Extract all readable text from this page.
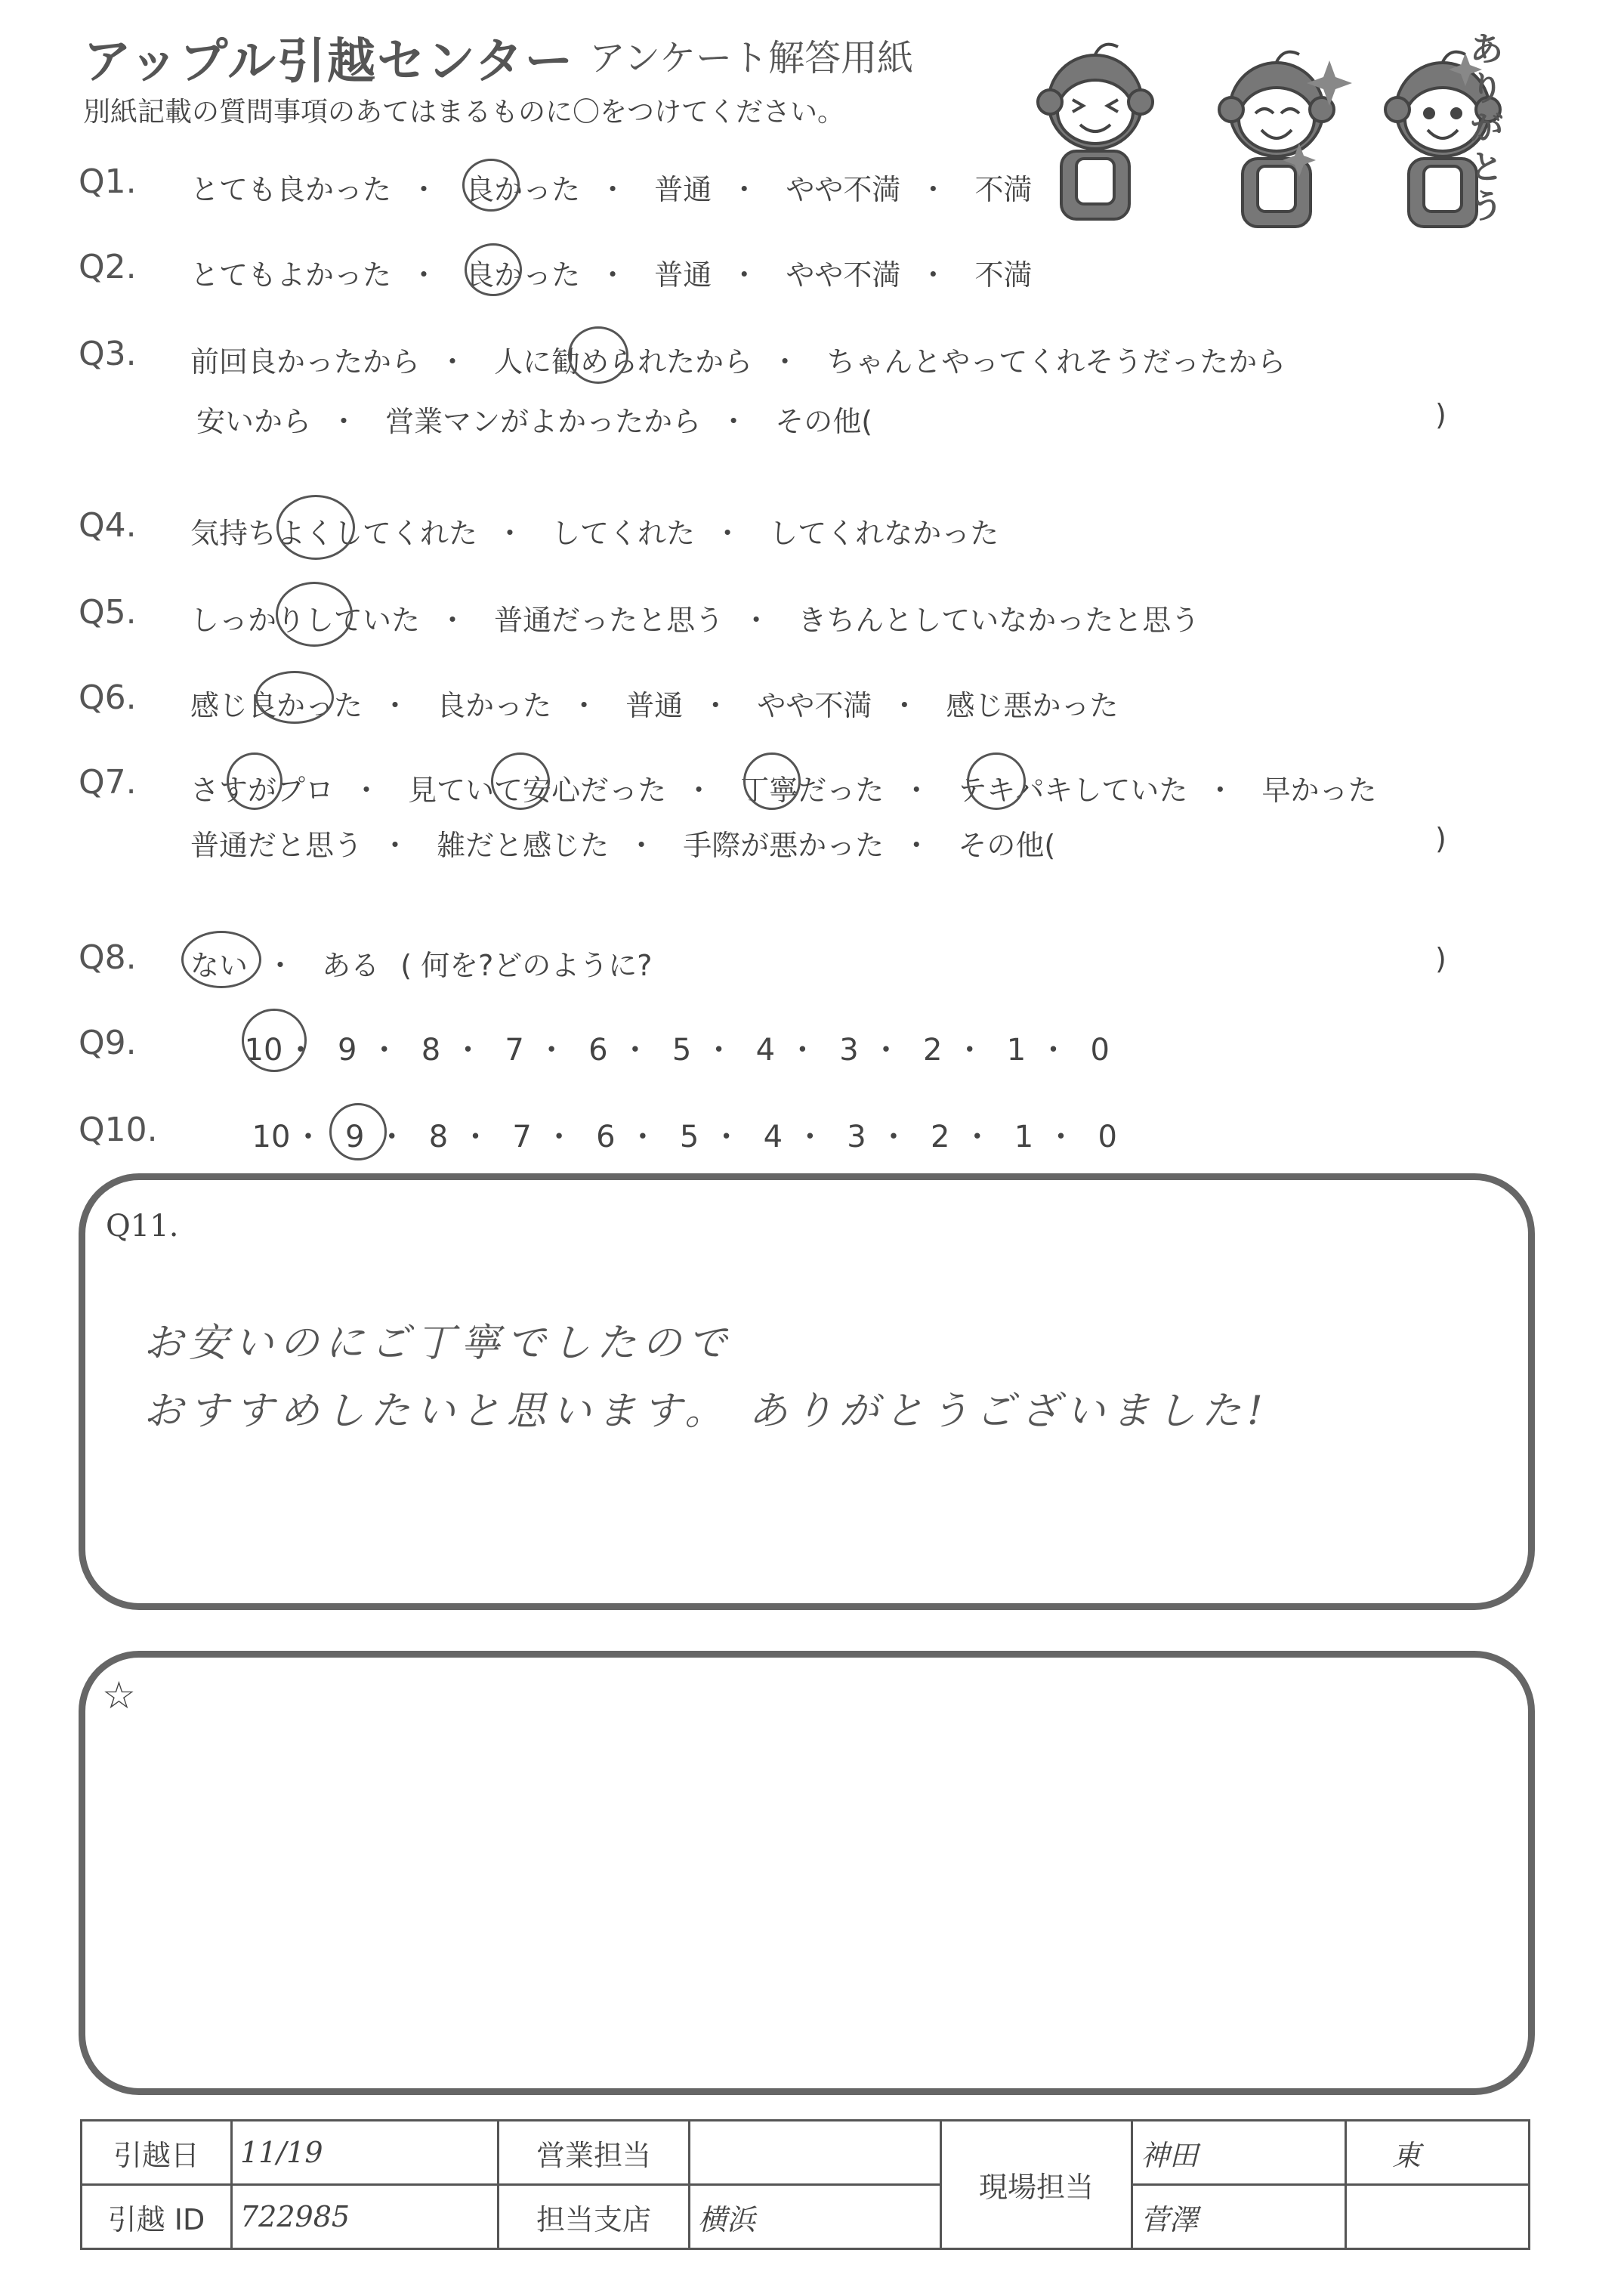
アップル引越センター アンケート解答用紙
別紙記載の質問事項のあてはまるものに〇をつけてください。
ありがとう
Q1. とても良かった ・ 良かった ・ 普通 ・ やや不満 ・ 不満
Q2. とてもよかった ・ 良かった ・ 普通 ・ やや不満 ・ 不満
Q3. 前回良かったから ・ 人に勧められたから ・ ちゃんとやってくれそうだったから
安いから ・ 営業マンがよかったから ・ その他(	)
Q4. 気持ちよくしてくれた ・ してくれた ・ してくれなかった
Q5. しっかりしていた ・ 普通だったと思う ・ きちんとしていなかったと思う
Q6. 感じ良かった ・ 良かった ・ 普通 ・ やや不満 ・ 感じ悪かった
Q7. さすがプロ ・ 見ていて安心だった ・ 丁寧だった ・ テキパキしていた ・ 早かった
普通だと思う ・ 雑だと感じた ・ 手際が悪かった ・ その他(	)
Q8. ない ・ ある ( 何を?どのように?	)
Q9.	10・ 9 ・ 8 ・ 7 ・ 6 ・ 5 ・ 4 ・ 3 ・ 2 ・ 1 ・ 0
Q10.	10・ 9 ・ 8 ・ 7 ・ 6 ・ 5 ・ 4 ・ 3 ・ 2 ・ 1 ・ 0
Q11.
お安いのにご丁寧でしたので
おすすめしたいと思います。 ありがとうございました!
☆
引越日	11/19	営業担当		現場担当	神田	東
引越 ID	722985	担当支店	横浜		菅澤	
